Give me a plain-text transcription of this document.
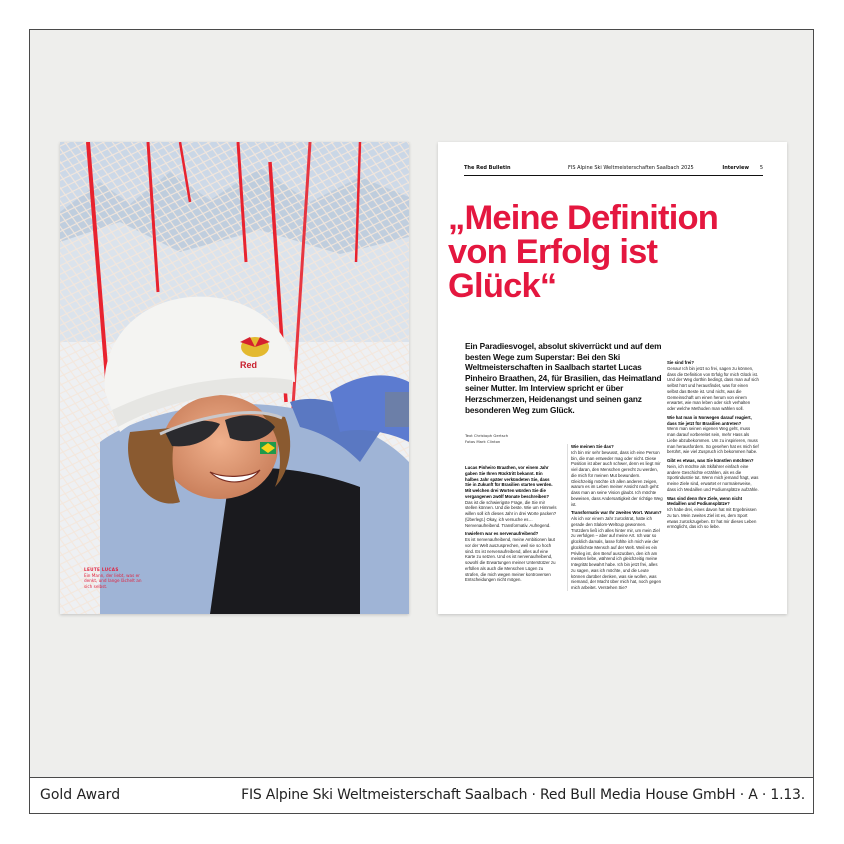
Red
LEUTE LUCAS
Ein Mann, der liebt, was er denkt, und lange lächelt an sich selbst.
The Red Bulletin	FIS Alpine Ski Weltmeisterschaften Saalbach 2025	Interview 5
„Meine Definition
von Erfolg ist
Glück“
Ein Paradiesvogel, absolut skiverrückt und auf dem besten Wege zum Superstar: Bei den Ski Weltmeisterschaften in Saalbach startet Lucas Pinheiro Braathen, 24, für Brasilien, das Heimatland seiner Mutter. Im Interview spricht er über Herzschmerzen, Heidenangst und seinen ganz besonderen Weg zum Glück.
Text Christoph Gertsch
Fotos Mark Clinton
Lucas Pinheiro Braathen, vor einem Jahr gaben Sie Ihren Rücktritt bekannt. Ein halbes Jahr später verkündeten Sie, dass Sie in Zukunft für Brasilien starten werden. Mit welchen drei Worten würden Sie die vergangenen zwölf Monate beschreiben?

Das ist die schwierigste Frage, die Sie mir stellen können. Und die beste. Wie um Himmels willen soll ich dieses Jahr in drei Worte packen? (Überlegt.) Okay, ich versuche es… Nervenaufreibend. Transformativ. Aufregend.

Inwiefern war es nervenaufreibend?

Es ist nervenaufreibend, meine Ambitionen laut vor der Welt auszusprechen, weil sie so hoch sind. Es ist nervenaufreibend, alles auf eine Karte zu setzen. Und es ist nervenaufreibend, sowohl die Erwartungen meiner Unterstützer zu erfüllen als auch die Menschen Lügen zu strafen, die mich wegen meiner kontroversen Entscheidungen nicht mögen.

Wie meinen Sie das?

Ich bin mir sehr bewusst, dass ich eine Person bin, die man entweder mag oder nicht. Diese Position ist aber auch schwer, denn es liegt mir viel daran, den Menschen gerecht zu werden, die mich für meinen Mut bewundern. Gleichzeitig möchte ich allen anderen zeigen, warum es im Leben meiner Ansicht nach geht: dass man an seine Vision glaubt. Ich möchte beweisen, dass Andersartigkeit der richtige Weg ist.

Transformativ war Ihr zweites Wort. Warum?

Als ich vor einem Jahr zurücktrat, hatte ich gerade den Slalom-Weltcup gewonnen. Trotzdem ließ ich alles hinter mir, um mein Ziel zu verfolgen – aber auf meine Art. Ich war so glücklich damals, lasse fühlte ich mich wie der glücklichste Mensch auf der Welt. Weil es ein Privileg ist, den Beruf auszuüben, den ich am meisten liebe, während ich gleichzeitig meine Integrität bewahrt habe. Ich bin jetzt frei, alles zu sagen, was ich möchte, und die Leute können darüber denken, was sie wollen, was niemand, der Macht über mich hat, noch gegen mich arbeitet. Verstehen Sie?

Sie sind frei?

Genau! Ich bin jetzt so frei, sagen zu können, dass die Definition von Erfolg für mich Glück ist. Und der Weg dorthin bedingt, dass man auf sich selbst hört und herausfindet, was für einen selbst das Beste ist. Und nicht, was die Gemeinschaft um einen herum von einem erwartet, wie man leben oder sich verhalten oder welche Methoden man wählen soll.

Wie hat man in Norwegen darauf reagiert, dass Sie jetzt für Brasilien antreten?

Wenn man seinen eigenen Weg geht, muss man darauf vorbereitet sein, mehr Hass als Liebe abzubekommen. Um zu inspirieren, muss man herausfordern. So gesehen hat es mich tief berührt, wie viel Zuspruch ich bekommen habe.

Gibt es etwas, was Sie künstlen möchten?

Nein, ich möchte als Skifahrer einfach eine andere Geschichte erzählen, als es die Sportindustrie tut. Wenn mich jemand fragt, was meine Ziele sind, erwartet er normalerweise, dass ich Medaillen und Podiumsplätze aufzähle.

Was sind denn Ihre Ziele, wenn nicht Medaillen und Podiumsplätze?

Ich habe drei, eines davon hat mit Ergebnissen zu tun. Mein zweites Ziel ist es, dem Sport etwas zurückzugeben. Er hat mir dieses Leben ermöglicht, das ich so liebe.

Gold Award	FIS Alpine Ski Weltmeisterschaft Saalbach · Red Bull Media House GmbH · A · 1.13.
